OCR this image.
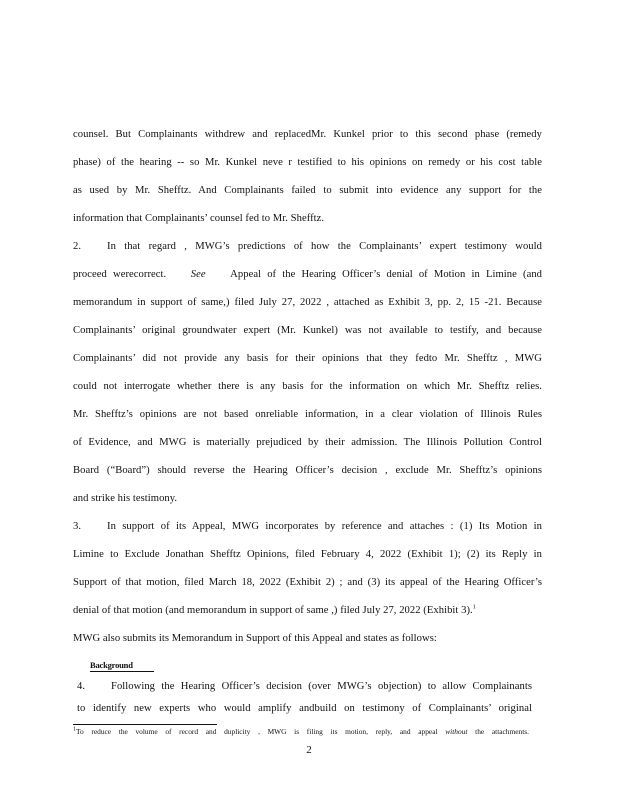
counsel. But Complainants withdrew and replacedMr. Kunkel prior to this second phase (remedy
phase) of the hearing -- so Mr. Kunkel neve r testified to his opinions on remedy or his cost table
as used by Mr. Shefftz. And Complainants failed to submit into evidence any support for the
information that Complainants’ counsel fed to Mr. Shefftz.
2. In that regard , MWG’s predictions of how the Complainants’ expert testimony would
proceed werecorrect. See Appeal of the Hearing Officer’s denial of Motion in Limine (and
memorandum in support of same,) filed July 27, 2022 , attached as Exhibit 3, pp. 2, 15 -21. Because
Complainants’ original groundwater expert (Mr. Kunkel) was not available to testify, and because
Complainants’ did not provide any basis for their opinions that they fedto Mr. Shefftz , MWG
could not interrogate whether there is any basis for the information on which Mr. Shefftz relies.
Mr. Shefftz’s opinions are not based onreliable information, in a clear violation of Illinois Rules
of Evidence, and MWG is materially prejudiced by their admission. The Illinois Pollution Control
Board (“Board”) should reverse the Hearing Officer’s decision , exclude Mr. Shefftz’s opinions
and strike his testimony.
3. In support of its Appeal, MWG incorporates by reference and attaches : (1) Its Motion in
Limine to Exclude Jonathan Shefftz Opinions, filed February 4, 2022 (Exhibit 1); (2) its Reply in
Support of that motion, filed March 18, 2022 (Exhibit 2) ; and (3) its appeal of the Hearing Officer’s
denial of that motion (and memorandum in support of same ,) filed July 27, 2022 (Exhibit 3).$^1$
MWG also submits its Memorandum in Support of this Appeal and states as follows:
Background
4. Following the Hearing Officer’s decision (over MWG’s objection) to allow Complainants
to identify new experts who would amplify andbuild on testimony of Complainants’ original
$^1$To reduce the volume of record and duplicity , MWG is filing its motion, reply, and appeal without the attachments.
2
